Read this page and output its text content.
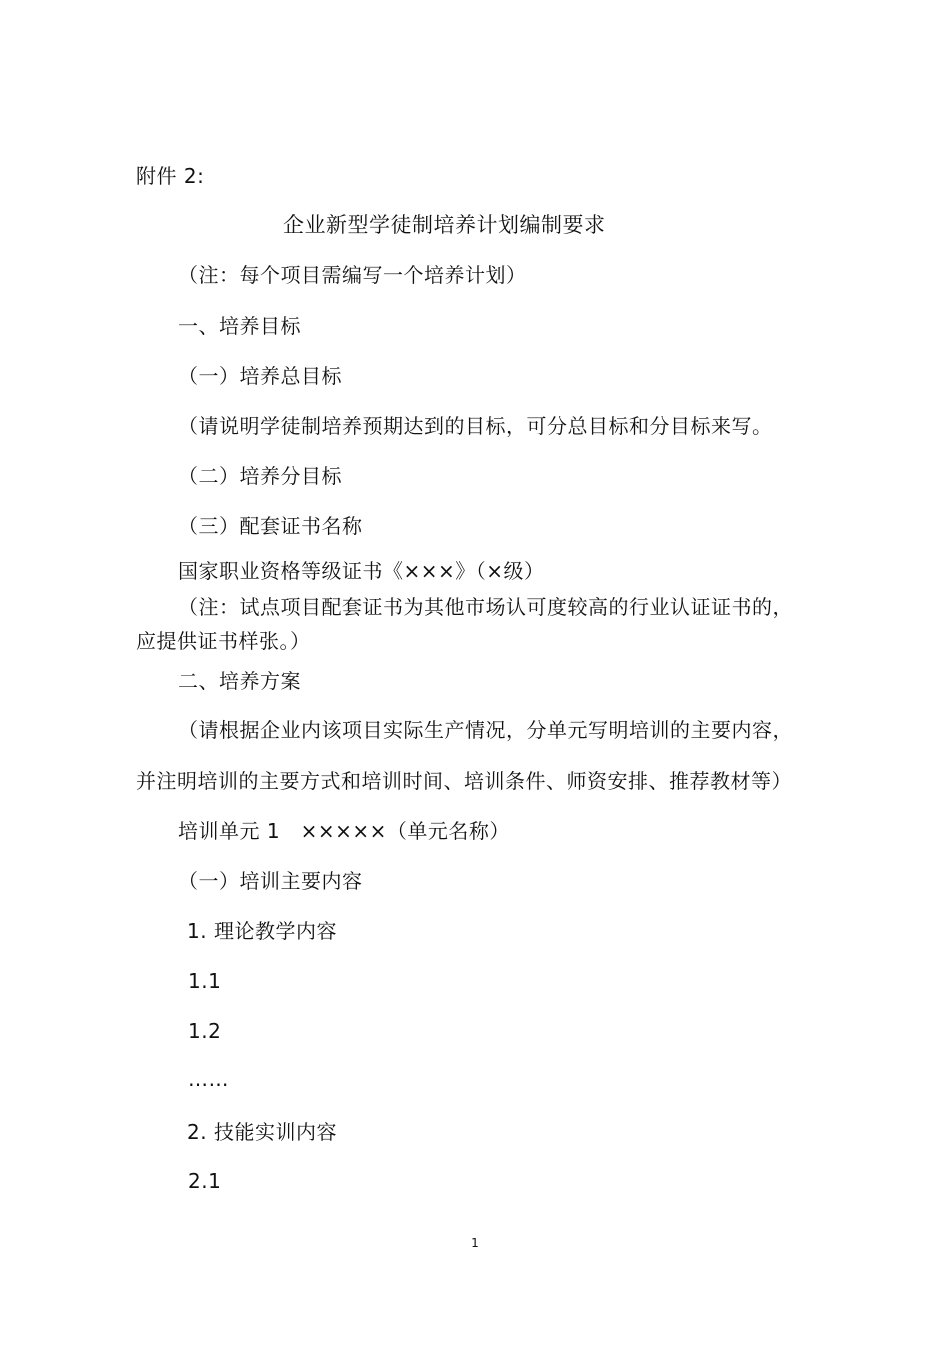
附件 2:
企业新型学徒制培养计划编制要求
（注：每个项目需编写一个培养计划）
一、培养目标
（一）培养总目标
（请说明学徒制培养预期达到的目标，可分总目标和分目标来写。
（二）培养分目标
（三）配套证书名称
国家职业资格等级证书《×××》（×级）
（注：试点项目配套证书为其他市场认可度较高的行业认证证书的，
应提供证书样张。）
二、培养方案
（请根据企业内该项目实际生产情况，分单元写明培训的主要内容，
并注明培训的主要方式和培训时间、培训条件、师资安排、推荐教材等）
培训单元 1　×××××（单元名称）
（一）培训主要内容
1. 理论教学内容
1.1
1.2
……
2. 技能实训内容
2.1
1
